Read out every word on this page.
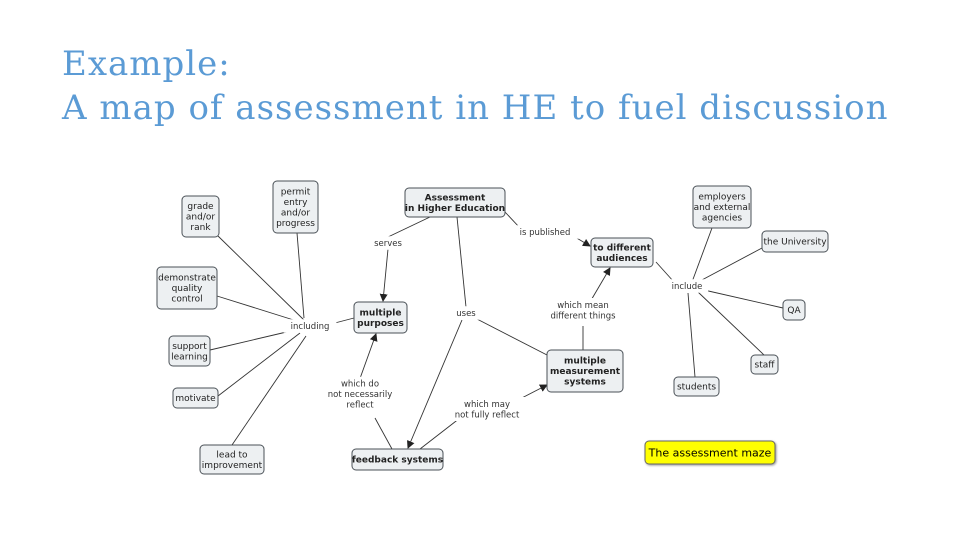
Example:
A map of assessment in HE to fuel discussion
serves
is published
uses
including
include
which mean
different things
which do
not necessarily
reflect	which may
not fully reflect
Assessment
in Higher Education
multiple
purposes
to different
audiences
multiple
measurement
systems
feedback systems
grade
and/or
rank
permit
entry
and/or
progress
demonstrate
quality
control
support
learning
motivate
lead to
improvement
employers
and external
agencies
the University
QA
staff
students
The assessment maze
